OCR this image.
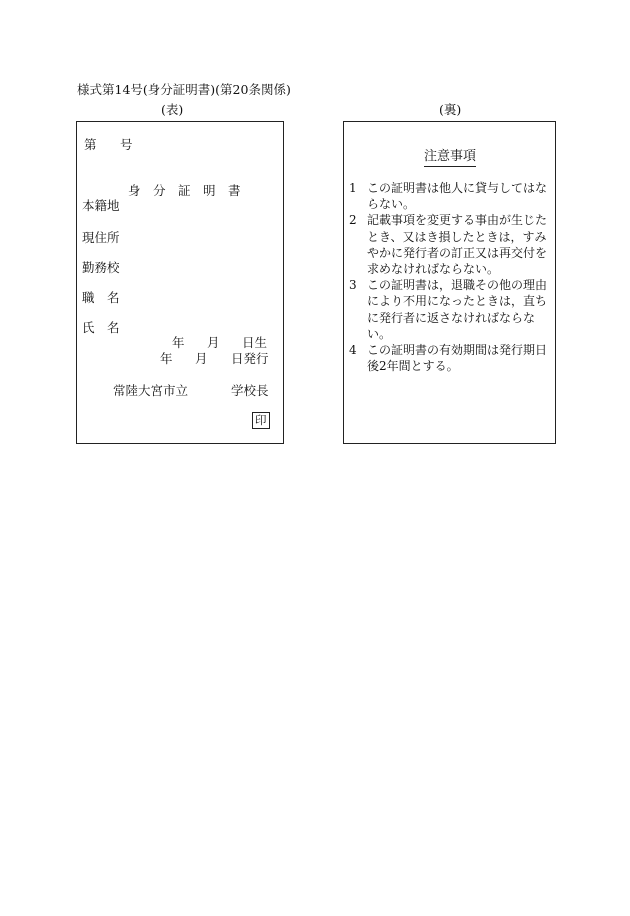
様式第14号(身分証明書)(第20条関係)
(表)	(裏)
第 号
身　分　証　明　書
本籍地
現住所
勤務校
職　名
氏　名
年 月 日生
年 月 日発行
常陸大宮市立	学校長
印
注意事項
1 この証明書は他人に貸与してはならない。
2 記載事項を変更する事由が生じたとき、又はき損したときは，すみやかに発行者の訂正又は再交付を求めなければならない。
3 この証明書は，退職その他の理由により不用になったときは，直ちに発行者に返さなければならない。
4 この証明書の有効期間は発行期日後2年間とする。
